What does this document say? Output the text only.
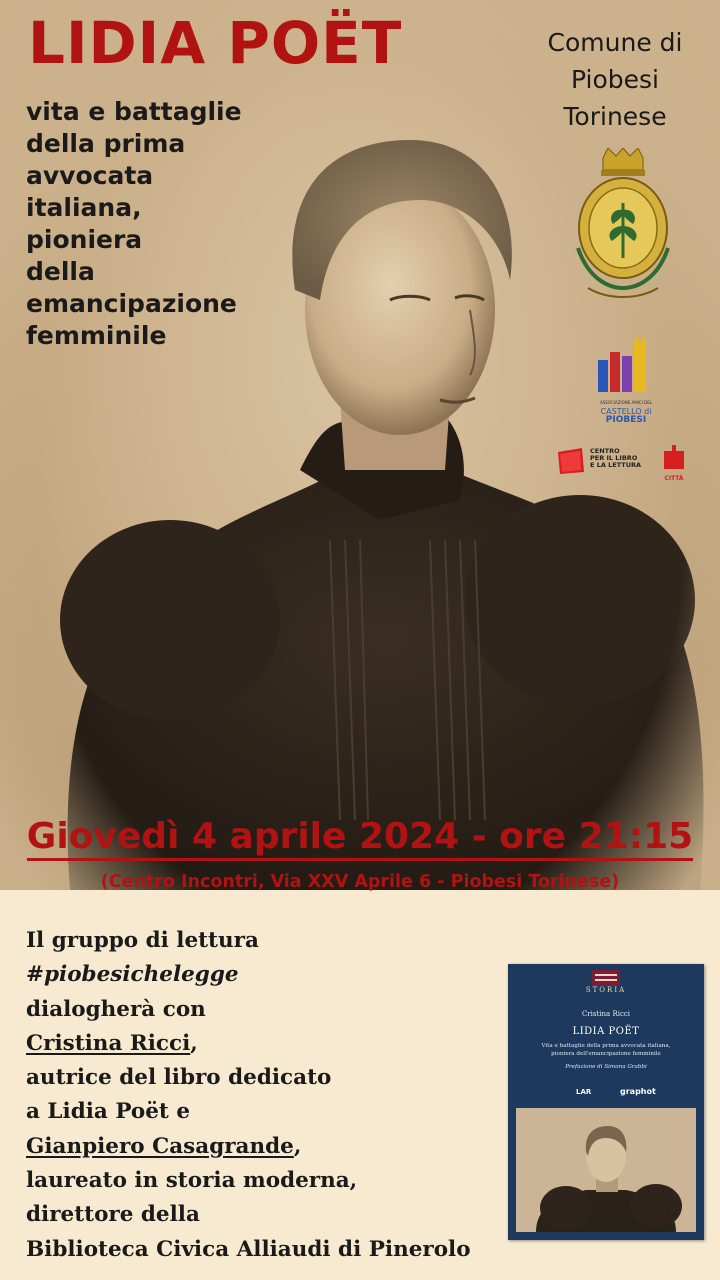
LIDIA POËT
vita e battaglie
della prima
avvocata
italiana,
pioniera
della
emancipazione
femminile
Comune di
Piobesi
Torinese
ASSOCIAZIONE AMICI DEL
CASTELLO di
PIOBESI
CENTRO
PER IL LIBRO
E LA LETTURA
CITTÀ
Giovedì 4 aprile 2024 - ore 21:15
(Centro Incontri, Via XXV Aprile 6 - Piobesi Torinese)
Il gruppo di lettura
#piobesichelegge
dialogherà con
Cristina Ricci,
autrice del libro dedicato
a Lidia Poët e
Gianpiero Casagrande,
laureato in storia moderna,
direttore della
Biblioteca Civica Alliaudi di Pinerolo
STORIA
Cristina Ricci
LIDIA POËT
Vita e battaglie della prima avvocata italiana,
pioniera dell'emancipazione femminile
Prefazione di Simona Grabbi
LAR	graphot
